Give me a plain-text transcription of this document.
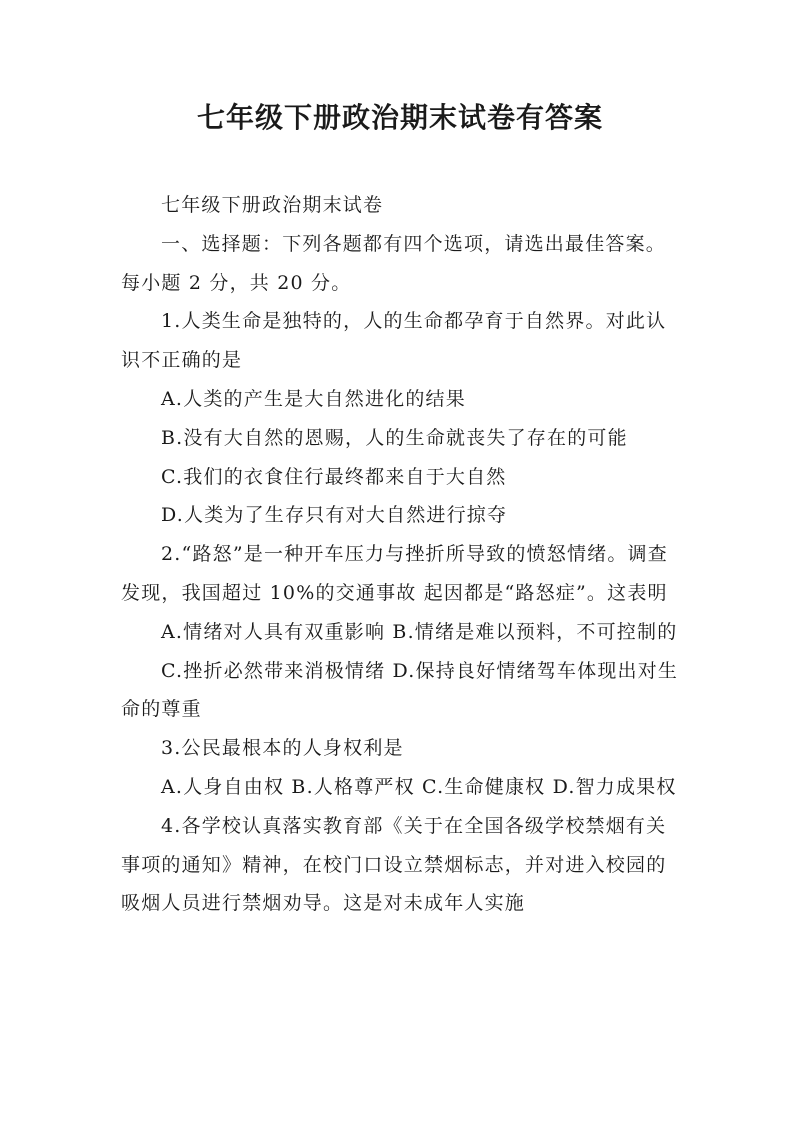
七年级下册政治期末试卷有答案

七年级下册政治期末试卷

一、选择题：下列各题都有四个选项，请选出最佳答案。每小题 2 分，共 20 分。

1.人类生命是独特的，人的生命都孕育于自然界。对此认识不正确的是

A.人类的产生是大自然进化的结果

B.没有大自然的恩赐，人的生命就丧失了存在的可能

C.我们的衣食住行最终都来自于大自然

D.人类为了生存只有对大自然进行掠夺

2.“路怒”是一种开车压力与挫折所导致的愤怒情绪。调查发现，我国超过 10%的交通事故 起因都是“路怒症”。这表明

A.情绪对人具有双重影响 B.情绪是难以预料，不可控制的

C.挫折必然带来消极情绪 D.保持良好情绪驾车体现出对生命的尊重

3.公民最根本的人身权利是

A.人身自由权 B.人格尊严权 C.生命健康权 D.智力成果权

4.各学校认真落实教育部《关于在全国各级学校禁烟有关事项的通知》精神，在校门口设立禁烟标志，并对进入校园的吸烟人员进行禁烟劝导。这是对未成年人实施
